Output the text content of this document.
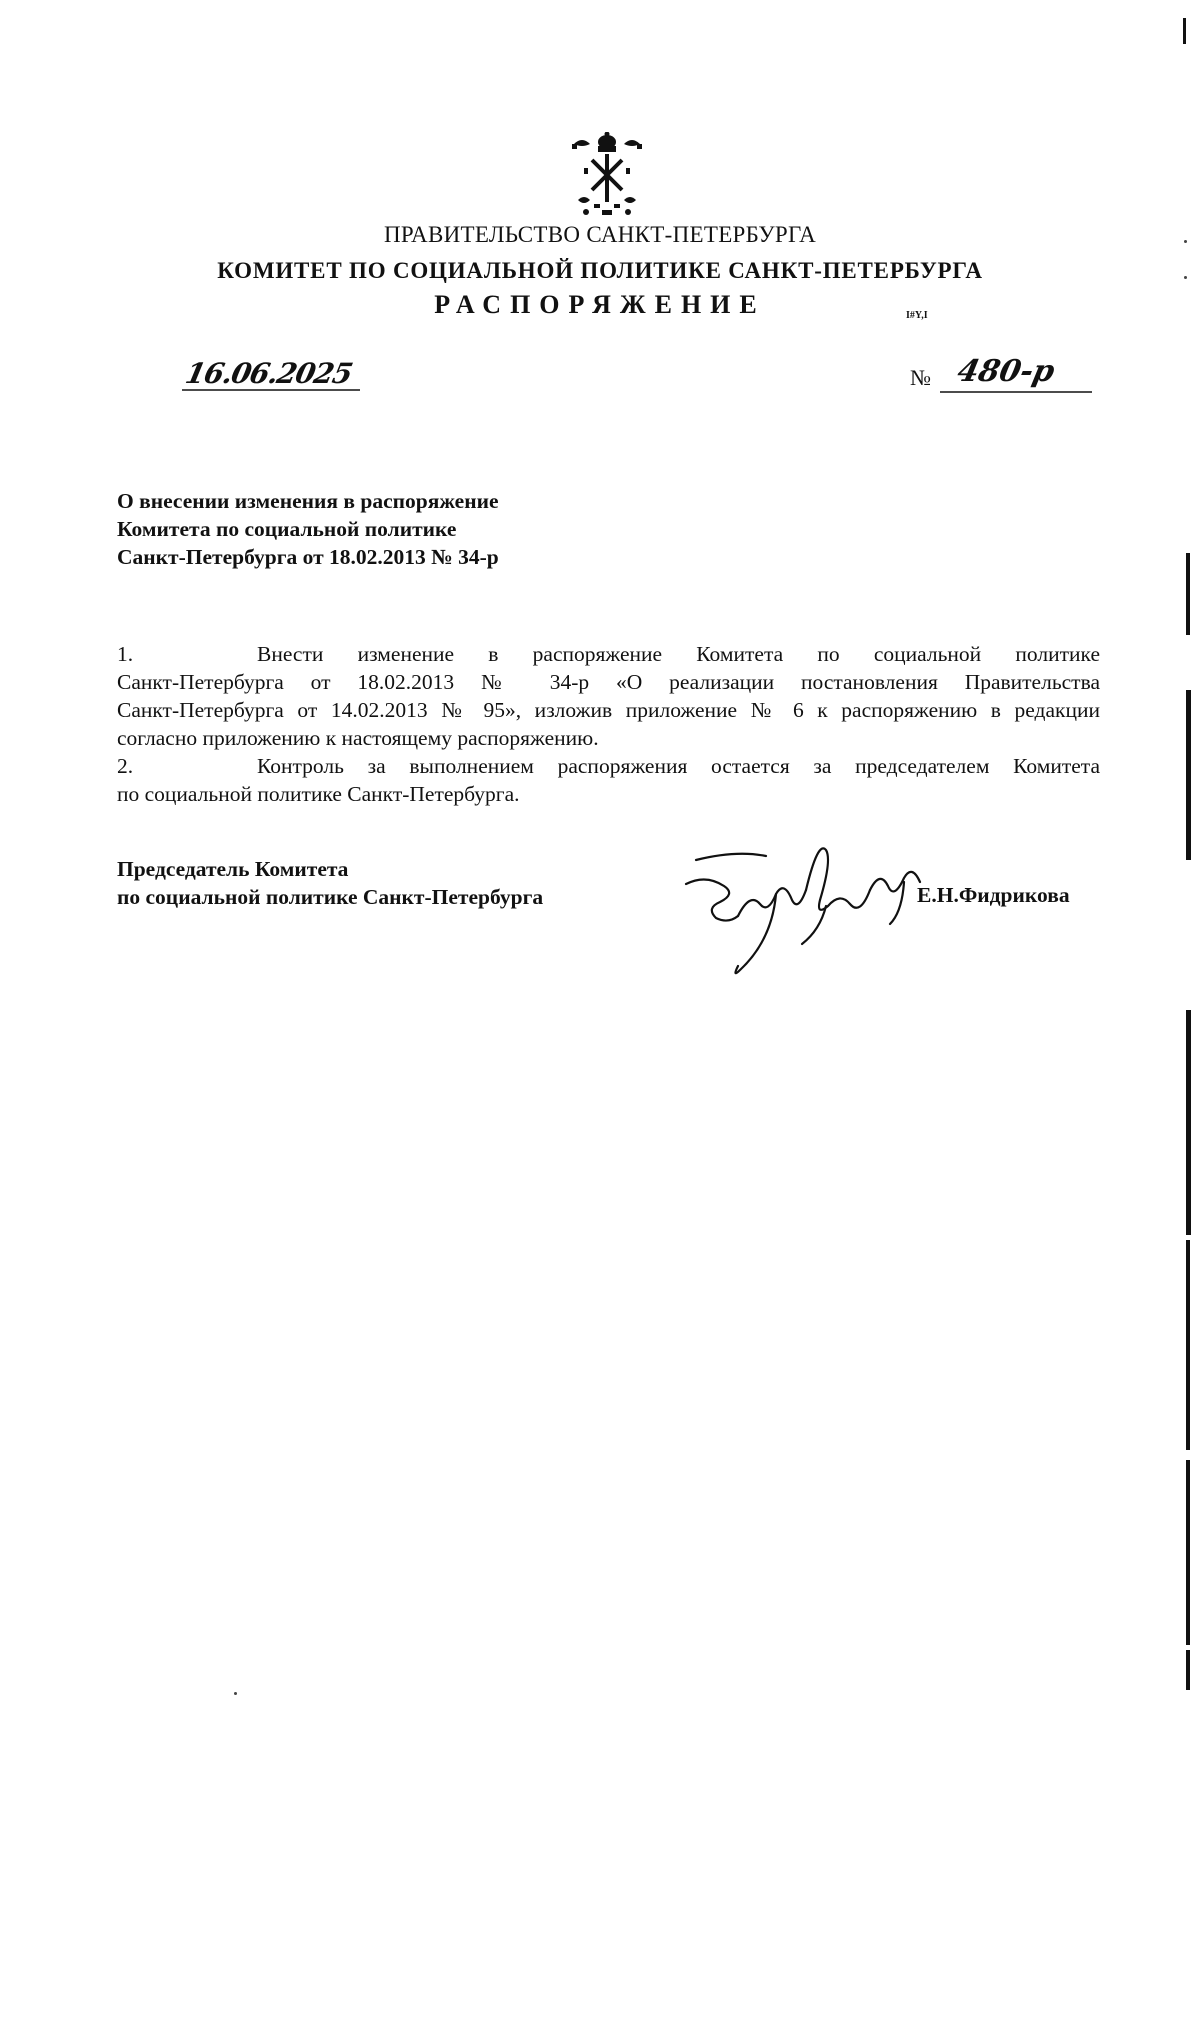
ПРАВИТЕЛЬСТВО САНКТ-ПЕТЕРБУРГА
КОМИТЕТ ПО СОЦИАЛЬНОЙ ПОЛИТИКЕ САНКТ-ПЕТЕРБУРГА
РАСПОРЯЖЕНИЕ	I#Y,I
16.06.2025	№ 480-р
О внесении изменения в распоряжение
Комитета по социальной политике
Санкт-Петербурга от 18.02.2013 № 34-р
1.	Внести изменение в распоряжение Комитета по социальной политике
Санкт-Петербурга от 18.02.2013 № 34-р «О реализации постановления Правительства
Санкт-Петербурга от 14.02.2013 № 95», изложив приложение № 6 к распоряжению в редакции
согласно приложению к настоящему распоряжению.
2.	Контроль за выполнением распоряжения остается за председателем Комитета
по социальной политике Санкт-Петербурга.
Председатель Комитета
по социальной политике Санкт-Петербурга	Е.Н.Фидрикова
